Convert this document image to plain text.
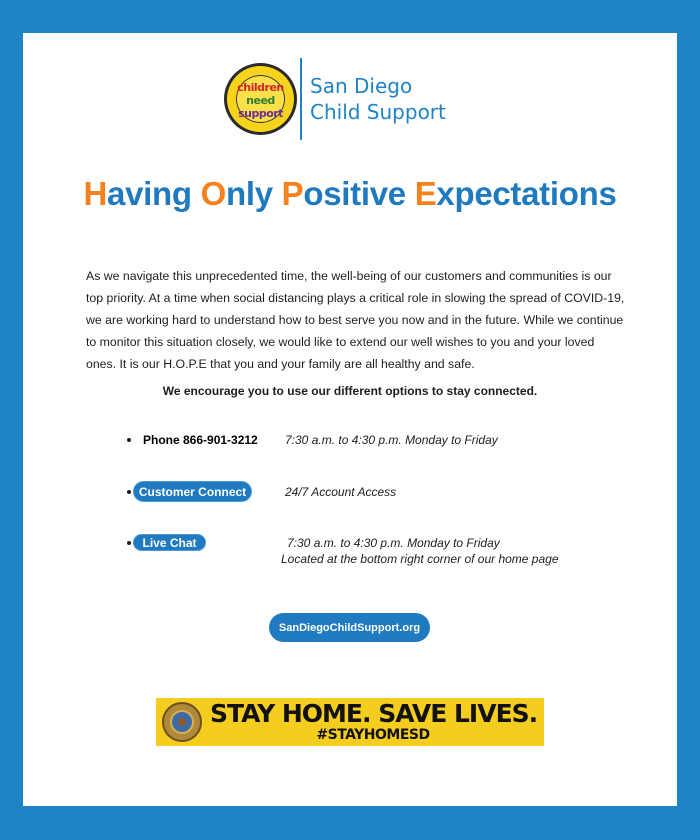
children
need
support
San Diego
Child Support
Having Only Positive Expectations

As we navigate this unprecedented time, the well-being of our customers and communities is our top priority. At a time when social distancing plays a critical role in slowing the spread of COVID-19, we are working hard to understand how to best serve you now and in the future. While we continue to monitor this situation closely, we would like to extend our well wishes to you and your loved ones. It is our H.O.P.E that you and your family are all healthy and safe.

We encourage you to use our different options to stay connected.
Phone 866-901-3212 7:30 a.m. to 4:30 p.m. Monday to Friday
Customer Connect	24/7 Account Access
Live Chat	7:30 a.m. to 4:30 p.m. Monday to Friday
Located at the bottom right corner of our home page
SanDiegoChildSupport.org
STAY HOME. SAVE LIVES.
#STAYHOMESD
